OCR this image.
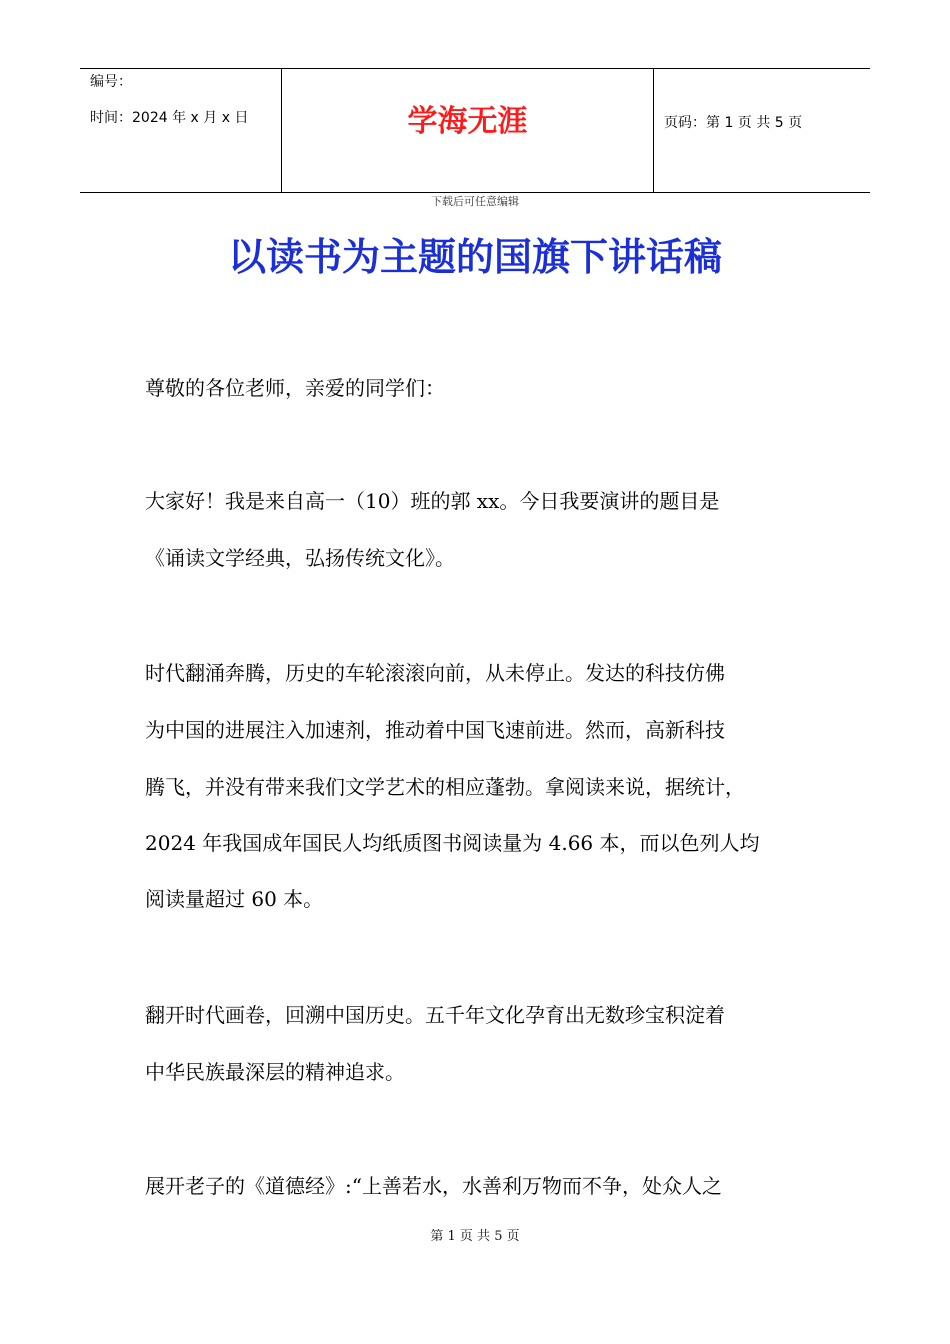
编号：
时间：2024 年 x 月 x 日	学海无涯	页码：第 1 页 共 5 页
下载后可任意编辑
以读书为主题的国旗下讲话稿
尊敬的各位老师，亲爱的同学们：
大家好！我是来自高一（10）班的郭 xx。今日我要演讲的题目是
《诵读文学经典，弘扬传统文化》。
时代翻涌奔腾，历史的车轮滚滚向前，从未停止。发达的科技仿佛
为中国的进展注入加速剂，推动着中国飞速前进。然而，高新科技
腾飞，并没有带来我们文学艺术的相应蓬勃。拿阅读来说，据统计，
2024 年我国成年国民人均纸质图书阅读量为 4.66 本，而以色列人均
阅读量超过 60 本。
翻开时代画卷，回溯中国历史。五千年文化孕育出无数珍宝积淀着
中华民族最深层的精神追求。
展开老子的《道德经》:“上善若水，水善利万物而不争，处众人之
第 1 页 共 5 页
